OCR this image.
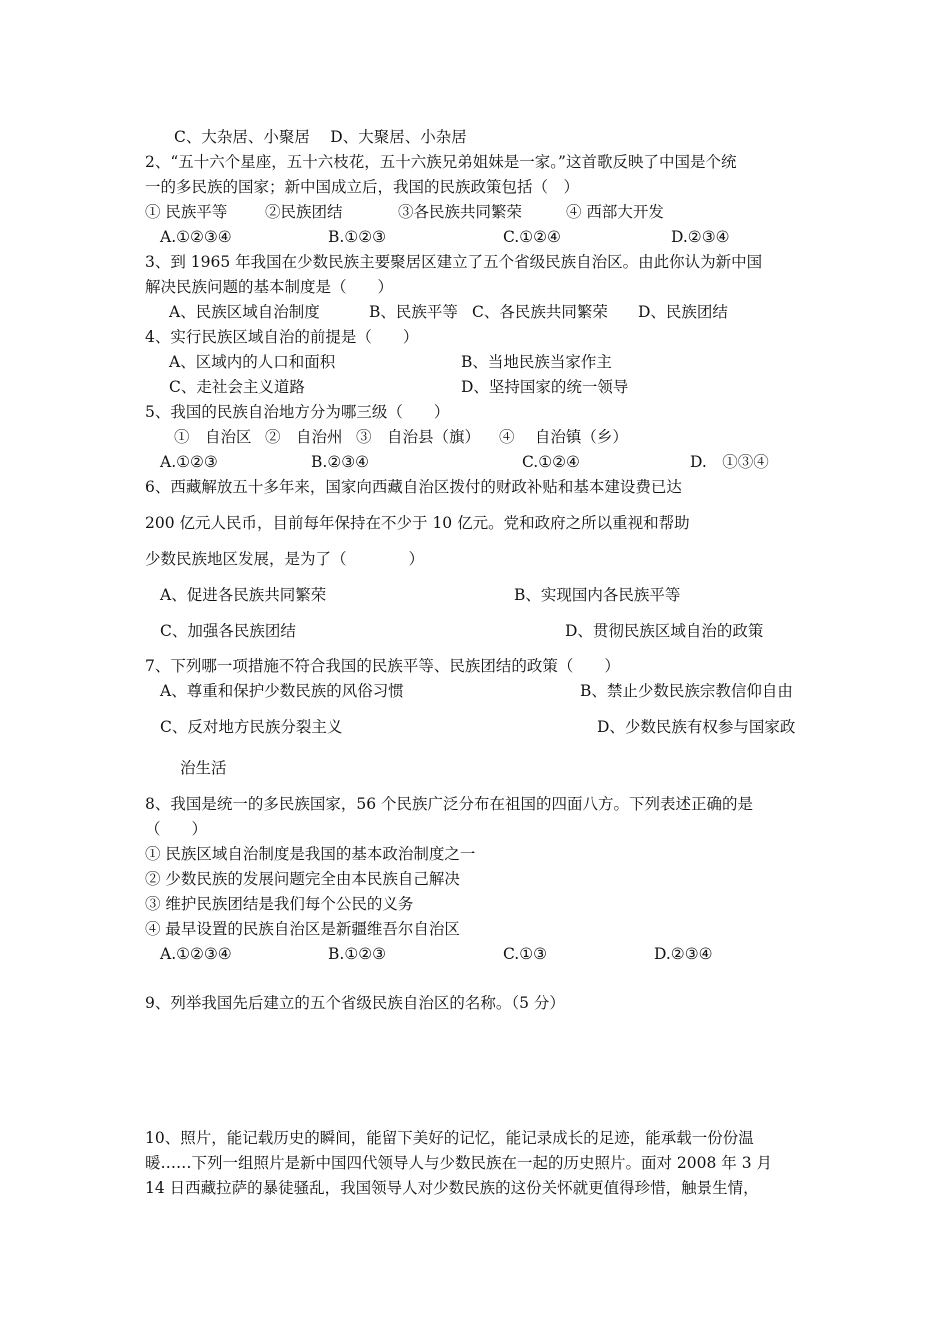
C、大杂居、小聚居　 D、大聚居、小杂居
2、“五十六个星座，五十六枝花，五十六族兄弟姐妹是一家。”这首歌反映了中国是个统
一的多民族的国家；新中国成立后，我国的民族政策包括（　）
① 民族平等 ②民族团结	③各民族共同繁荣	④ 西部大开发
A.①②③④	B.①②③	C.①②④	D.②③④
3、到 1965 年我国在少数民族主要聚居区建立了五个省级民族自治区。由此你认为新中国
解决民族问题的基本制度是（　　）
A、民族区域自治制度	B、民族平等 C、各民族共同繁荣 D、民族团结
4、实行民族区域自治的前提是（　　）
A、区域内的人口和面积	B、当地民族当家作主
C、走社会主义道路	D、坚持国家的统一领导
5、我国的民族自治地方分为哪三级（　　）
①　自治区 ②　自治州 ③　自治县（旗） ④　 自治镇（乡）
A.①②③	B.②③④	C.①②④	D.　①③④
6、西藏解放五十多年来，国家向西藏自治区拨付的财政补贴和基本建设费已达
200 亿元人民币，目前每年保持在不少于 10 亿元。党和政府之所以重视和帮助
少数民族地区发展，是为了（　　　　）
A、促进各民族共同繁荣	B、实现国内各民族平等
C、加强各民族团结	D、贯彻民族区域自治的政策
7、下列哪一项措施不符合我国的民族平等、民族团结的政策（　　）
A、尊重和保护少数民族的风俗习惯	B、禁止少数民族宗教信仰自由
C、反对地方民族分裂主义	D、少数民族有权参与国家政
治生活
8、我国是统一的多民族国家，56 个民族广泛分布在祖国的四面八方。下列表述正确的是
（　　）
① 民族区域自治制度是我国的基本政治制度之一
② 少数民族的发展问题完全由本民族自己解决
③ 维护民族团结是我们每个公民的义务
④ 最早设置的民族自治区是新疆维吾尔自治区
A.①②③④	B.①②③	C.①③	D.②③④
9、列举我国先后建立的五个省级民族自治区的名称。（5 分）
10、照片，能记载历史的瞬间，能留下美好的记忆，能记录成长的足迹，能承载一份份温
暖……下列一组照片是新中国四代领导人与少数民族在一起的历史照片。面对 2008 年 3 月
14 日西藏拉萨的暴徒骚乱，我国领导人对少数民族的这份关怀就更值得珍惜，触景生情，
